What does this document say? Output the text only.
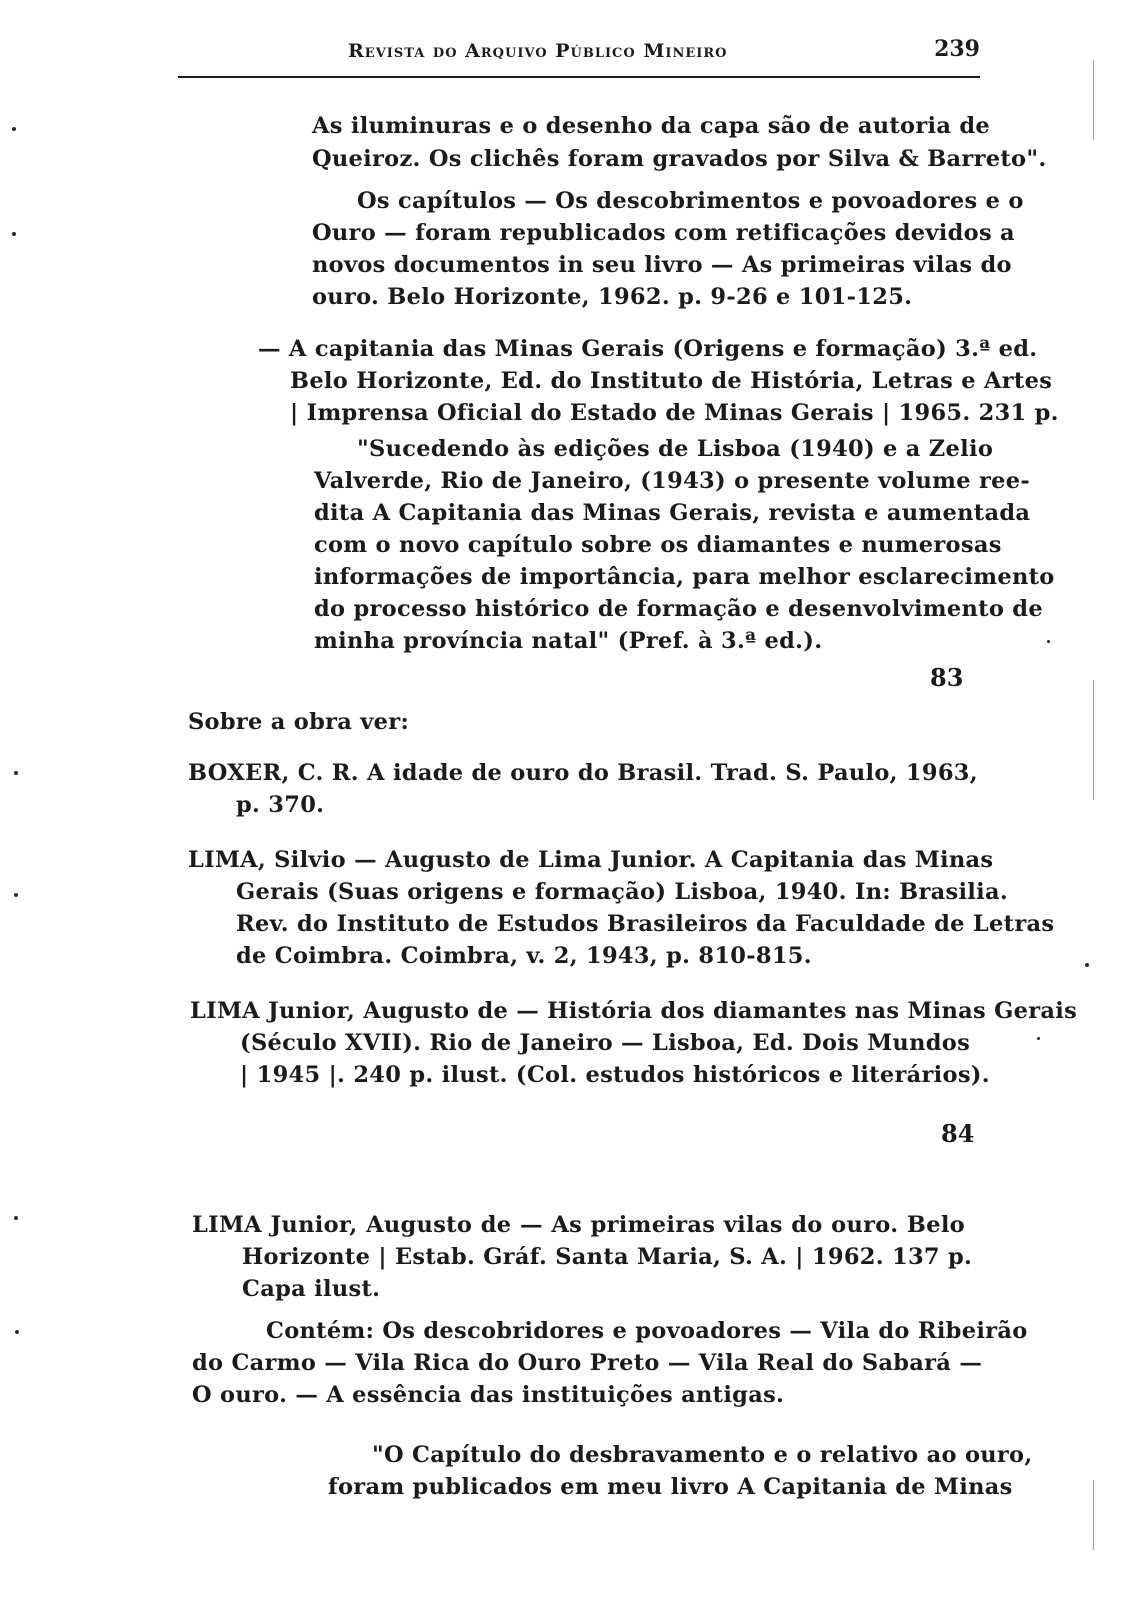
Revista do Arquivo Público Mineiro	239
As iluminuras e o desenho da capa são de autoria de
Queiroz. Os clichês foram gravados por Silva & Barreto".
Os capítulos — Os descobrimentos e povoadores e o
Ouro — foram republicados com retificações devidos a
novos documentos in seu livro — As primeiras vilas do
ouro. Belo Horizonte, 1962. p. 9-26 e 101-125.
— A capitania das Minas Gerais (Origens e formação) 3.ª ed.
Belo Horizonte, Ed. do Instituto de História, Letras e Artes
| Imprensa Oficial do Estado de Minas Gerais | 1965. 231 p.
"Sucedendo às edições de Lisboa (1940) e a Zelio
Valverde, Rio de Janeiro, (1943) o presente volume ree-
dita A Capitania das Minas Gerais, revista e aumentada
com o novo capítulo sobre os diamantes e numerosas
informações de importância, para melhor esclarecimento
do processo histórico de formação e desenvolvimento de
minha província natal" (Pref. à 3.ª ed.).
83
Sobre a obra ver:
BOXER, C. R. A idade de ouro do Brasil. Trad. S. Paulo, 1963,
p. 370.
LIMA, Silvio — Augusto de Lima Junior. A Capitania das Minas
Gerais (Suas origens e formação) Lisboa, 1940. In: Brasilia.
Rev. do Instituto de Estudos Brasileiros da Faculdade de Letras
de Coimbra. Coimbra, v. 2, 1943, p. 810-815.
LIMA Junior, Augusto de — História dos diamantes nas Minas Gerais
(Século XVII). Rio de Janeiro — Lisboa, Ed. Dois Mundos
| 1945 |. 240 p. ilust. (Col. estudos históricos e literários).
84
LIMA Junior, Augusto de — As primeiras vilas do ouro. Belo
Horizonte | Estab. Gráf. Santa Maria, S. A. | 1962. 137 p.
Capa ilust.
Contém: Os descobridores e povoadores — Vila do Ribeirão
do Carmo — Vila Rica do Ouro Preto — Vila Real do Sabará —
O ouro. — A essência das instituições antigas.
"O Capítulo do desbravamento e o relativo ao ouro,
foram publicados em meu livro A Capitania de Minas
